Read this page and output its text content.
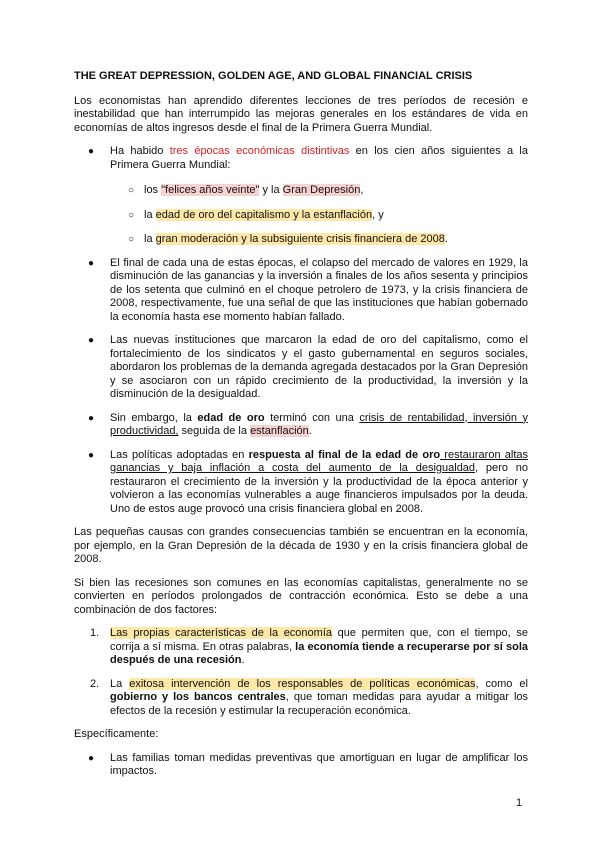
THE GREAT DEPRESSION, GOLDEN AGE, AND GLOBAL FINANCIAL CRISIS

Los economistas han aprendido diferentes lecciones de tres períodos de recesión e inestabilidad que han interrumpido las mejoras generales en los estándares de vida en economías de altos ingresos desde el final de la Primera Guerra Mundial.

● Ha habido tres épocas económicas distintivas en los cien años siguientes a la Primera Guerra Mundial:
○ los "felices años veinte" y la Gran Depresión,
○ la edad de oro del capitalismo y la estanflación, y
○ la gran moderación y la subsiguiente crisis financiera de 2008.
● El final de cada una de estas épocas, el colapso del mercado de valores en 1929, la disminución de las ganancias y la inversión a finales de los años sesenta y principios de los setenta que culminó en el choque petrolero de 1973, y la crisis financiera de 2008, respectivamente, fue una señal de que las instituciones que habían gobernado la economía hasta ese momento habían fallado.
● Las nuevas instituciones que marcaron la edad de oro del capitalismo, como el fortalecimiento de los sindicatos y el gasto gubernamental en seguros sociales, abordaron los problemas de la demanda agregada destacados por la Gran Depresión y se asociaron con un rápido crecimiento de la productividad, la inversión y la disminución de la desigualdad.
● Sin embargo, la edad de oro terminó con una crisis de rentabilidad, inversión y productividad, seguida de la estanflación.
● Las políticas adoptadas en respuesta al final de la edad de oro restauraron altas ganancias y baja inflación a costa del aumento de la desigualdad, pero no restauraron el crecimiento de la inversión y la productividad de la época anterior y volvieron a las economías vulnerables a auge financieros impulsados por la deuda. Uno de estos auge provocó una crisis financiera global en 2008.

Las pequeñas causas con grandes consecuencias también se encuentran en la economía, por ejemplo, en la Gran Depresión de la década de 1930 y en la crisis financiera global de 2008.

Si bien las recesiones son comunes en las economías capitalistas, generalmente no se convierten en períodos prolongados de contracción económica. Esto se debe a una combinación de dos factores:

1. Las propias características de la economía que permiten que, con el tiempo, se corrija a sí misma. En otras palabras, la economía tiende a recuperarse por sí sola después de una recesión.
2. La exitosa intervención de los responsables de políticas económicas, como el gobierno y los bancos centrales, que toman medidas para ayudar a mitigar los efectos de la recesión y estimular la recuperación económica.

Específicamente:

● Las familias toman medidas preventivas que amortiguan en lugar de amplificar los impactos.
1
